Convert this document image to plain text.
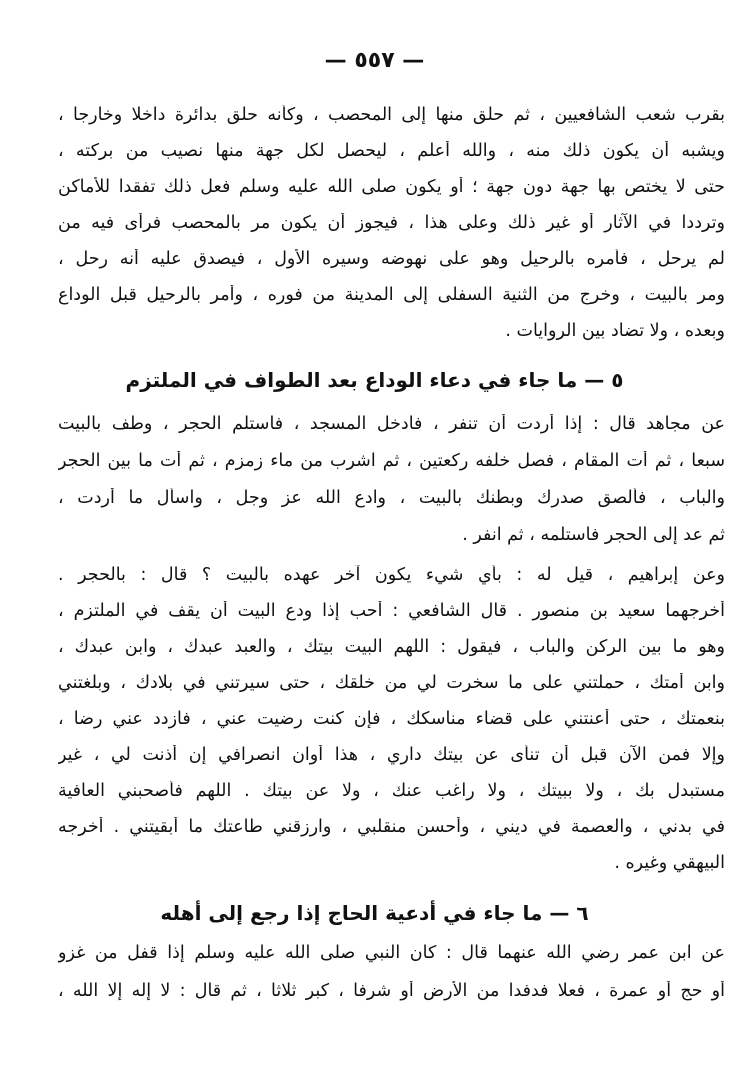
— ٥٥٧ —
بقرب شعب الشافعيين ، ثم حلق منها إلى المحصب ، وكأنه حلق بدائرة داخلا وخارجا ،
ويشبه أن يكون ذلك منه ، والله أعلم ، ليحصل لكل جهة منها نصيب من بركته ،
حتى لا يختص بها جهة دون جهة ؛ أو يكون صلى الله عليه وسلم فعل ذلك تفقدا للأماكن
وترددا في الآثار أو غير ذلك وعلى هذا ، فيجوز أن يكون مر بالمحصب فرأى فيه من
لم يرحل ، فأمره بالرحيل وهو على نهوضه وسيره الأول ، فيصدق عليه أنه رحل ،
ومر بالبيت ، وخرج من الثنية السفلى إلى المدينة من فوره ، وأمر بالرحيل قبل الوداع
وبعده ، ولا تضاد بين الروايات .
٥ — ما جاء في دعاء الوداع بعد الطواف في الملتزم
عن مجاهد قال : إذا أردت أن تنفر ، فادخل المسجد ، فاستلم الحجر ، وطف بالبيت
سبعا ، ثم أت المقام ، فصل خلفه ركعتين ، ثم اشرب من ماء زمزم ، ثم أت ما بين الحجر
والباب ، فألصق صدرك وبطنك بالبيت ، وادع الله عز وجل ، واسأل ما أردت ،
ثم عد إلى الحجر فاستلمه ، ثم انفر .
وعن إبراهيم ، قيل له : بأي شيء يكون آخر عهده بالبيت ؟ قال : بالحجر .
أخرجهما سعيد بن منصور . قال الشافعي : أحب إذا ودع البيت أن يقف في الملتزم ،
وهو ما بين الركن والباب ، فيقول : اللهم البيت بيتك ، والعبد عبدك ، وابن عبدك ،
وابن أمتك ، حملتني على ما سخرت لي من خلقك ، حتى سيرتني في بلادك ، وبلغتني
بنعمتك ، حتى أعنتني على قضاء مناسكك ، فإن كنت رضيت عني ، فازدد عني رضا ،
وإلا فمن الآن قبل أن تنأى عن بيتك داري ، هذا أوان انصرافي إن أذنت لي ، غير
مستبدل بك ، ولا ببيتك ، ولا راغب عنك ، ولا عن بيتك . اللهم فأصحبني العافية
في بدني ، والعصمة في ديني ، وأحسن منقلبي ، وارزقني طاعتك ما أبقيتني . أخرجه
البيهقي وغيره .
٦ — ما جاء في أدعية الحاج إذا رجع إلى أهله
عن ابن عمر رضي الله عنهما قال : كان النبي صلى الله عليه وسلم إذا قفل من غزو
أو حج أو عمرة ، فعلا فدفدا من الأرض أو شرفا ، كبر ثلاثا ، ثم قال : لا إله إلا الله ،
